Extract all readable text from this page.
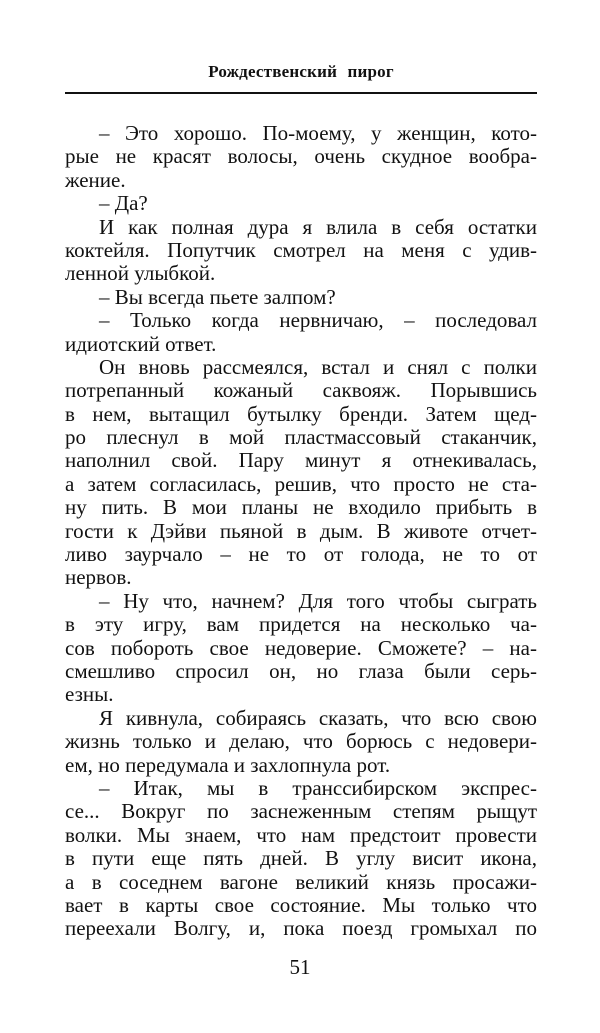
Рождественский пирог
– Это хорошо. По-моему, у женщин, кото-
рые не красят волосы, очень скудное вообра-
жение.
– Да?
И как полная дура я влила в себя остатки
коктейля. Попутчик смотрел на меня с удив-
ленной улыбкой.
– Вы всегда пьете залпом?
– Только когда нервничаю, – последовал
идиотский ответ.
Он вновь рассмеялся, встал и снял с полки
потрепанный кожаный саквояж. Порывшись
в нем, вытащил бутылку бренди. Затем щед-
ро плеснул в мой пластмассовый стаканчик,
наполнил свой. Пару минут я отнекивалась,
а затем согласилась, решив, что просто не ста-
ну пить. В мои планы не входило прибыть в
гости к Дэйви пьяной в дым. В животе отчет-
ливо заурчало – не то от голода, не то от
нервов.
– Ну что, начнем? Для того чтобы сыграть
в эту игру, вам придется на несколько ча-
сов побороть свое недоверие. Сможете? – на-
смешливо спросил он, но глаза были серь-
езны.
Я кивнула, собираясь сказать, что всю свою
жизнь только и делаю, что борюсь с недовери-
ем, но передумала и захлопнула рот.
– Итак, мы в транссибирском экспрес-
се... Вокруг по заснеженным степям рыщут
волки. Мы знаем, что нам предстоит провести
в пути еще пять дней. В углу висит икона,
а в соседнем вагоне великий князь просажи-
вает в карты свое состояние. Мы только что
переехали Волгу, и, пока поезд громыхал по
51
